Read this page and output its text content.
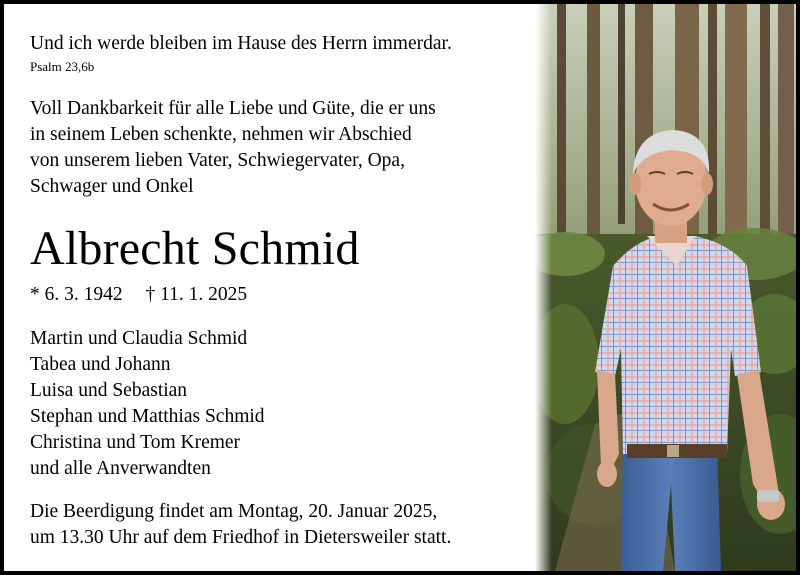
Und ich werde bleiben im Hause des Herrn immerdar.
Psalm 23,6b
Voll Dankbarkeit für alle Liebe und Güte, die er uns
in seinem Leben schenkte, nehmen wir Abschied
von unserem lieben Vater, Schwiegervater, Opa,
Schwager und Onkel
Albrecht Schmid
* 6. 3. 1942 † 11. 1. 2025
Martin und Claudia Schmid
Tabea und Johann
Luisa und Sebastian
Stephan und Matthias Schmid
Christina und Tom Kremer
und alle Anverwandten
Die Beerdigung findet am Montag, 20. Januar 2025,
um 13.30 Uhr auf dem Friedhof in Dietersweiler statt.
